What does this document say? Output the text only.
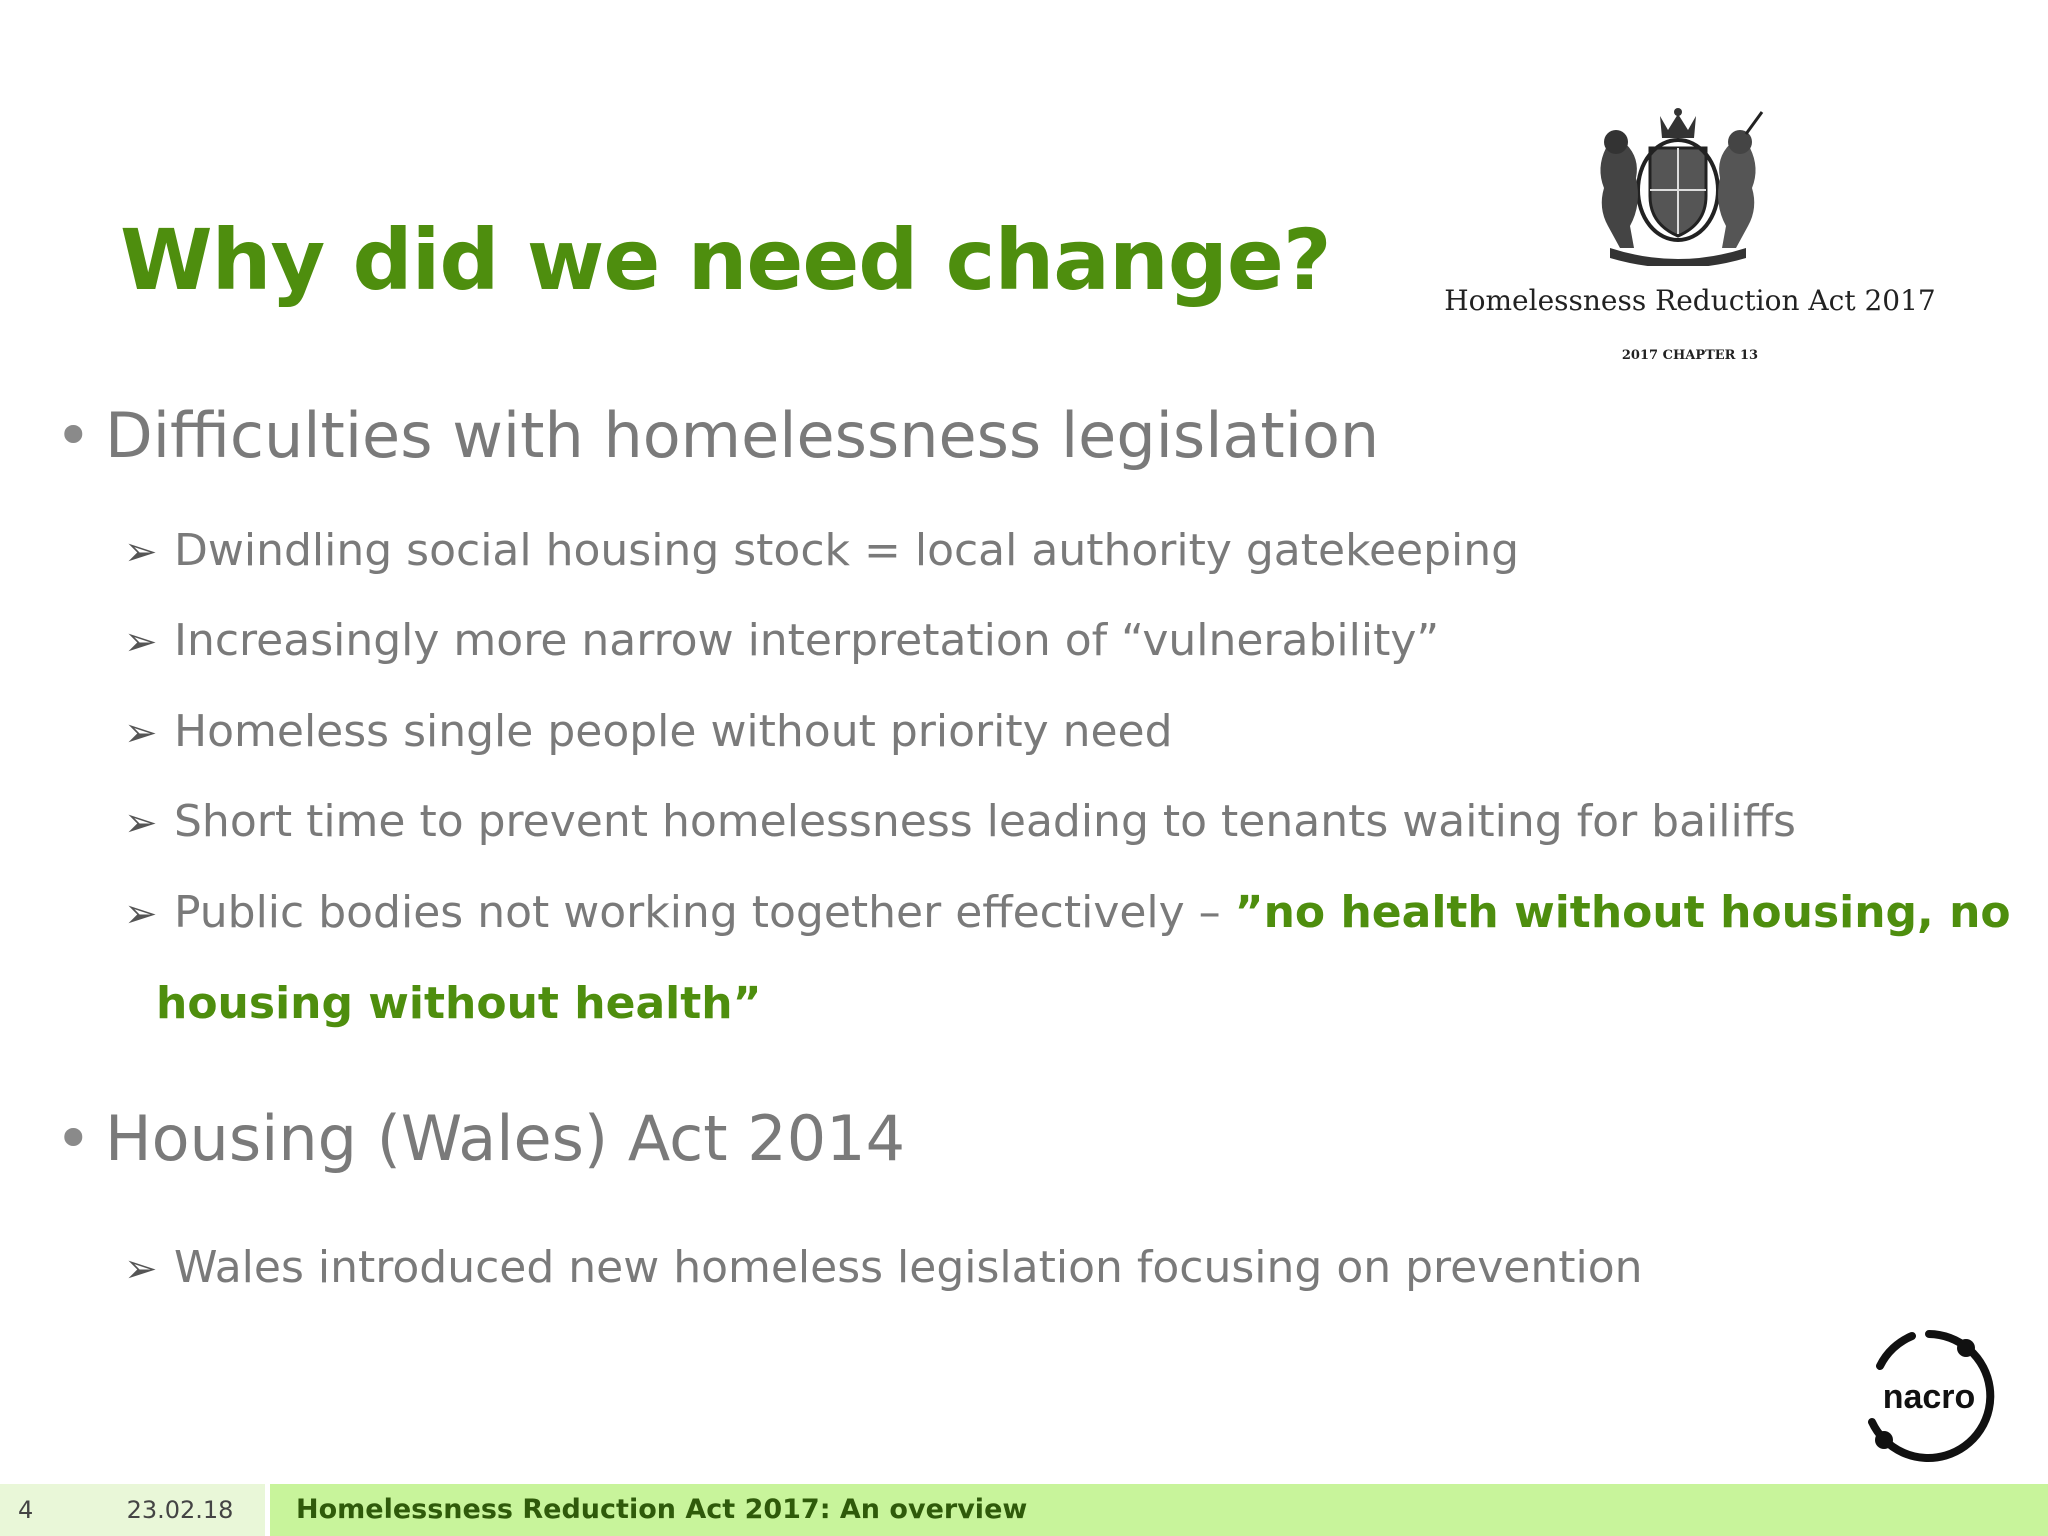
Why did we need change?	Homelessness Reduction Act 2017
2017 CHAPTER 13
• Difficulties with homelessness legislation
➢ Dwindling social housing stock = local authority gatekeeping
➢ Increasingly more narrow interpretation of “vulnerability”
➢ Homeless single people without priority need
➢ Short time to prevent homelessness leading to tenants waiting for bailiffs
➢ Public bodies not working together effectively – ”no health without housing, no
housing without health”
• Housing (Wales) Act 2014
➢ Wales introduced new homeless legislation focusing on prevention
nacro
4	23.02.18	Homelessness Reduction Act 2017: An overview
